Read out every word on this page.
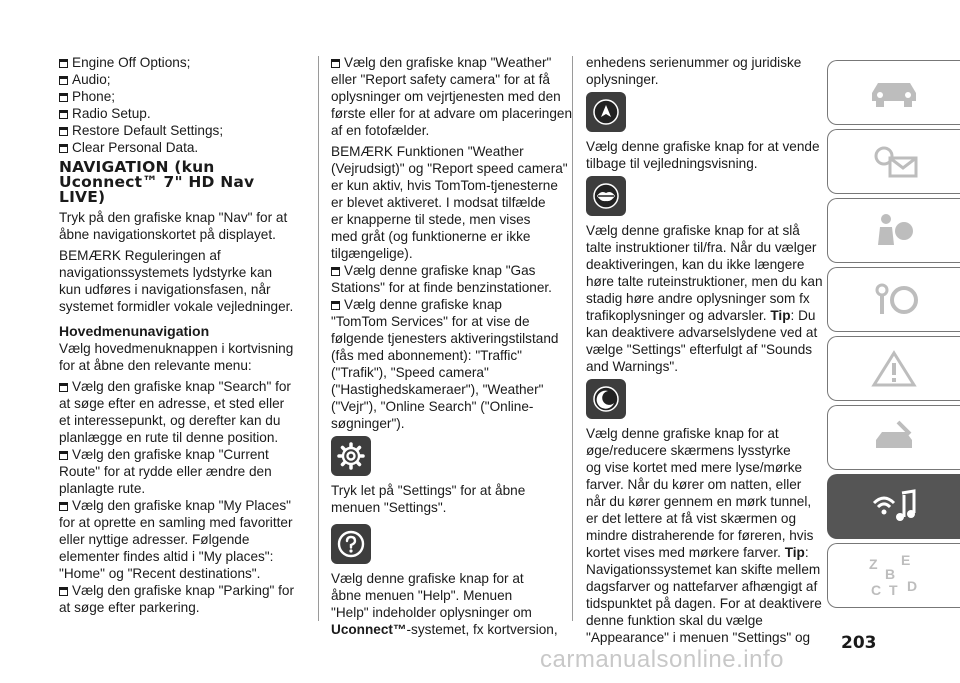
Engine Off Options;
Audio;
Phone;
Radio Setup.
Restore Default Settings;
Clear Personal Data.
NAVIGATION (kun
Uconnect™ 7" HD Nav
LIVE)
Tryk på den grafiske knap "Nav" for at
åbne navigationskortet på displayet.
BEMÆRK Reguleringen af
navigationssystemets lydstyrke kan
kun udføres i navigationsfasen, når
systemet formidler vokale vejledninger.
Hovedmenunavigation
Vælg hovedmenuknappen i kortvisning
for at åbne den relevante menu:
Vælg den grafiske knap "Search" for
at søge efter en adresse, et sted eller
et interessepunkt, og derefter kan du
planlægge en rute til denne position.
Vælg den grafiske knap "Current
Route" for at rydde eller ændre den
planlagte rute.
Vælg den grafiske knap "My Places"
for at oprette en samling med favoritter
eller nyttige adresser. Følgende
elementer findes altid i "My places":
"Home" og "Recent destinations".
Vælg den grafiske knap "Parking" for
at søge efter parkering.
Vælg den grafiske knap "Weather"
eller "Report safety camera" for at få
oplysninger om vejrtjenesten med den
første eller for at advare om placeringen
af en fotofælder.
BEMÆRK Funktionen "Weather
(Vejrudsigt)" og "Report speed camera"
er kun aktiv, hvis TomTom-tjenesterne
er blevet aktiveret. I modsat tilfælde
er knapperne til stede, men vises
med gråt (og funktionerne er ikke
tilgængelige).
Vælg denne grafiske knap "Gas
Stations" for at finde benzinstationer.
Vælg denne grafiske knap
"TomTom Services" for at vise de
følgende tjenesters aktiveringstilstand
(fås med abonnement): "Traffic"
("Trafik"), "Speed camera"
("Hastighedskameraer"), "Weather"
("Vejr"), "Online Search" ("Online-
søgninger").
Tryk let på "Settings" for at åbne
menuen "Settings".
Vælg denne grafiske knap for at
åbne menuen "Help". Menuen
"Help" indeholder oplysninger om
Uconnect™-systemet, fx kortversion,
enhedens serienummer og juridiske
oplysninger.
Vælg denne grafiske knap for at vende
tilbage til vejledningsvisning.
Vælg denne grafiske knap for at slå
talte instruktioner til/fra. Når du vælger
deaktiveringen, kan du ikke længere
høre talte ruteinstruktioner, men du kan
stadig høre andre oplysninger som fx
trafikoplysninger og advarsler. Tip: Du
kan deaktivere advarselslydene ved at
vælge "Settings" efterfulgt af "Sounds
and Warnings".
Vælg denne grafiske knap for at
øge/reducere skærmens lysstyrke
og vise kortet med mere lyse/mørke
farver. Når du kører om natten, eller
når du kører gennem en mørk tunnel,
er det lettere at få vist skærmen og
mindre distraherende for føreren, hvis
kortet vises med mørkere farver. Tip:
Navigationssystemet kan skifte mellem
dagsfarver og nattefarver afhængigt af
tidspunktet på dagen. For at deaktivere
denne funktion skal du vælge
"Appearance" i menuen "Settings" og
Z E
B
C T D
203
carmanualsonline.info
